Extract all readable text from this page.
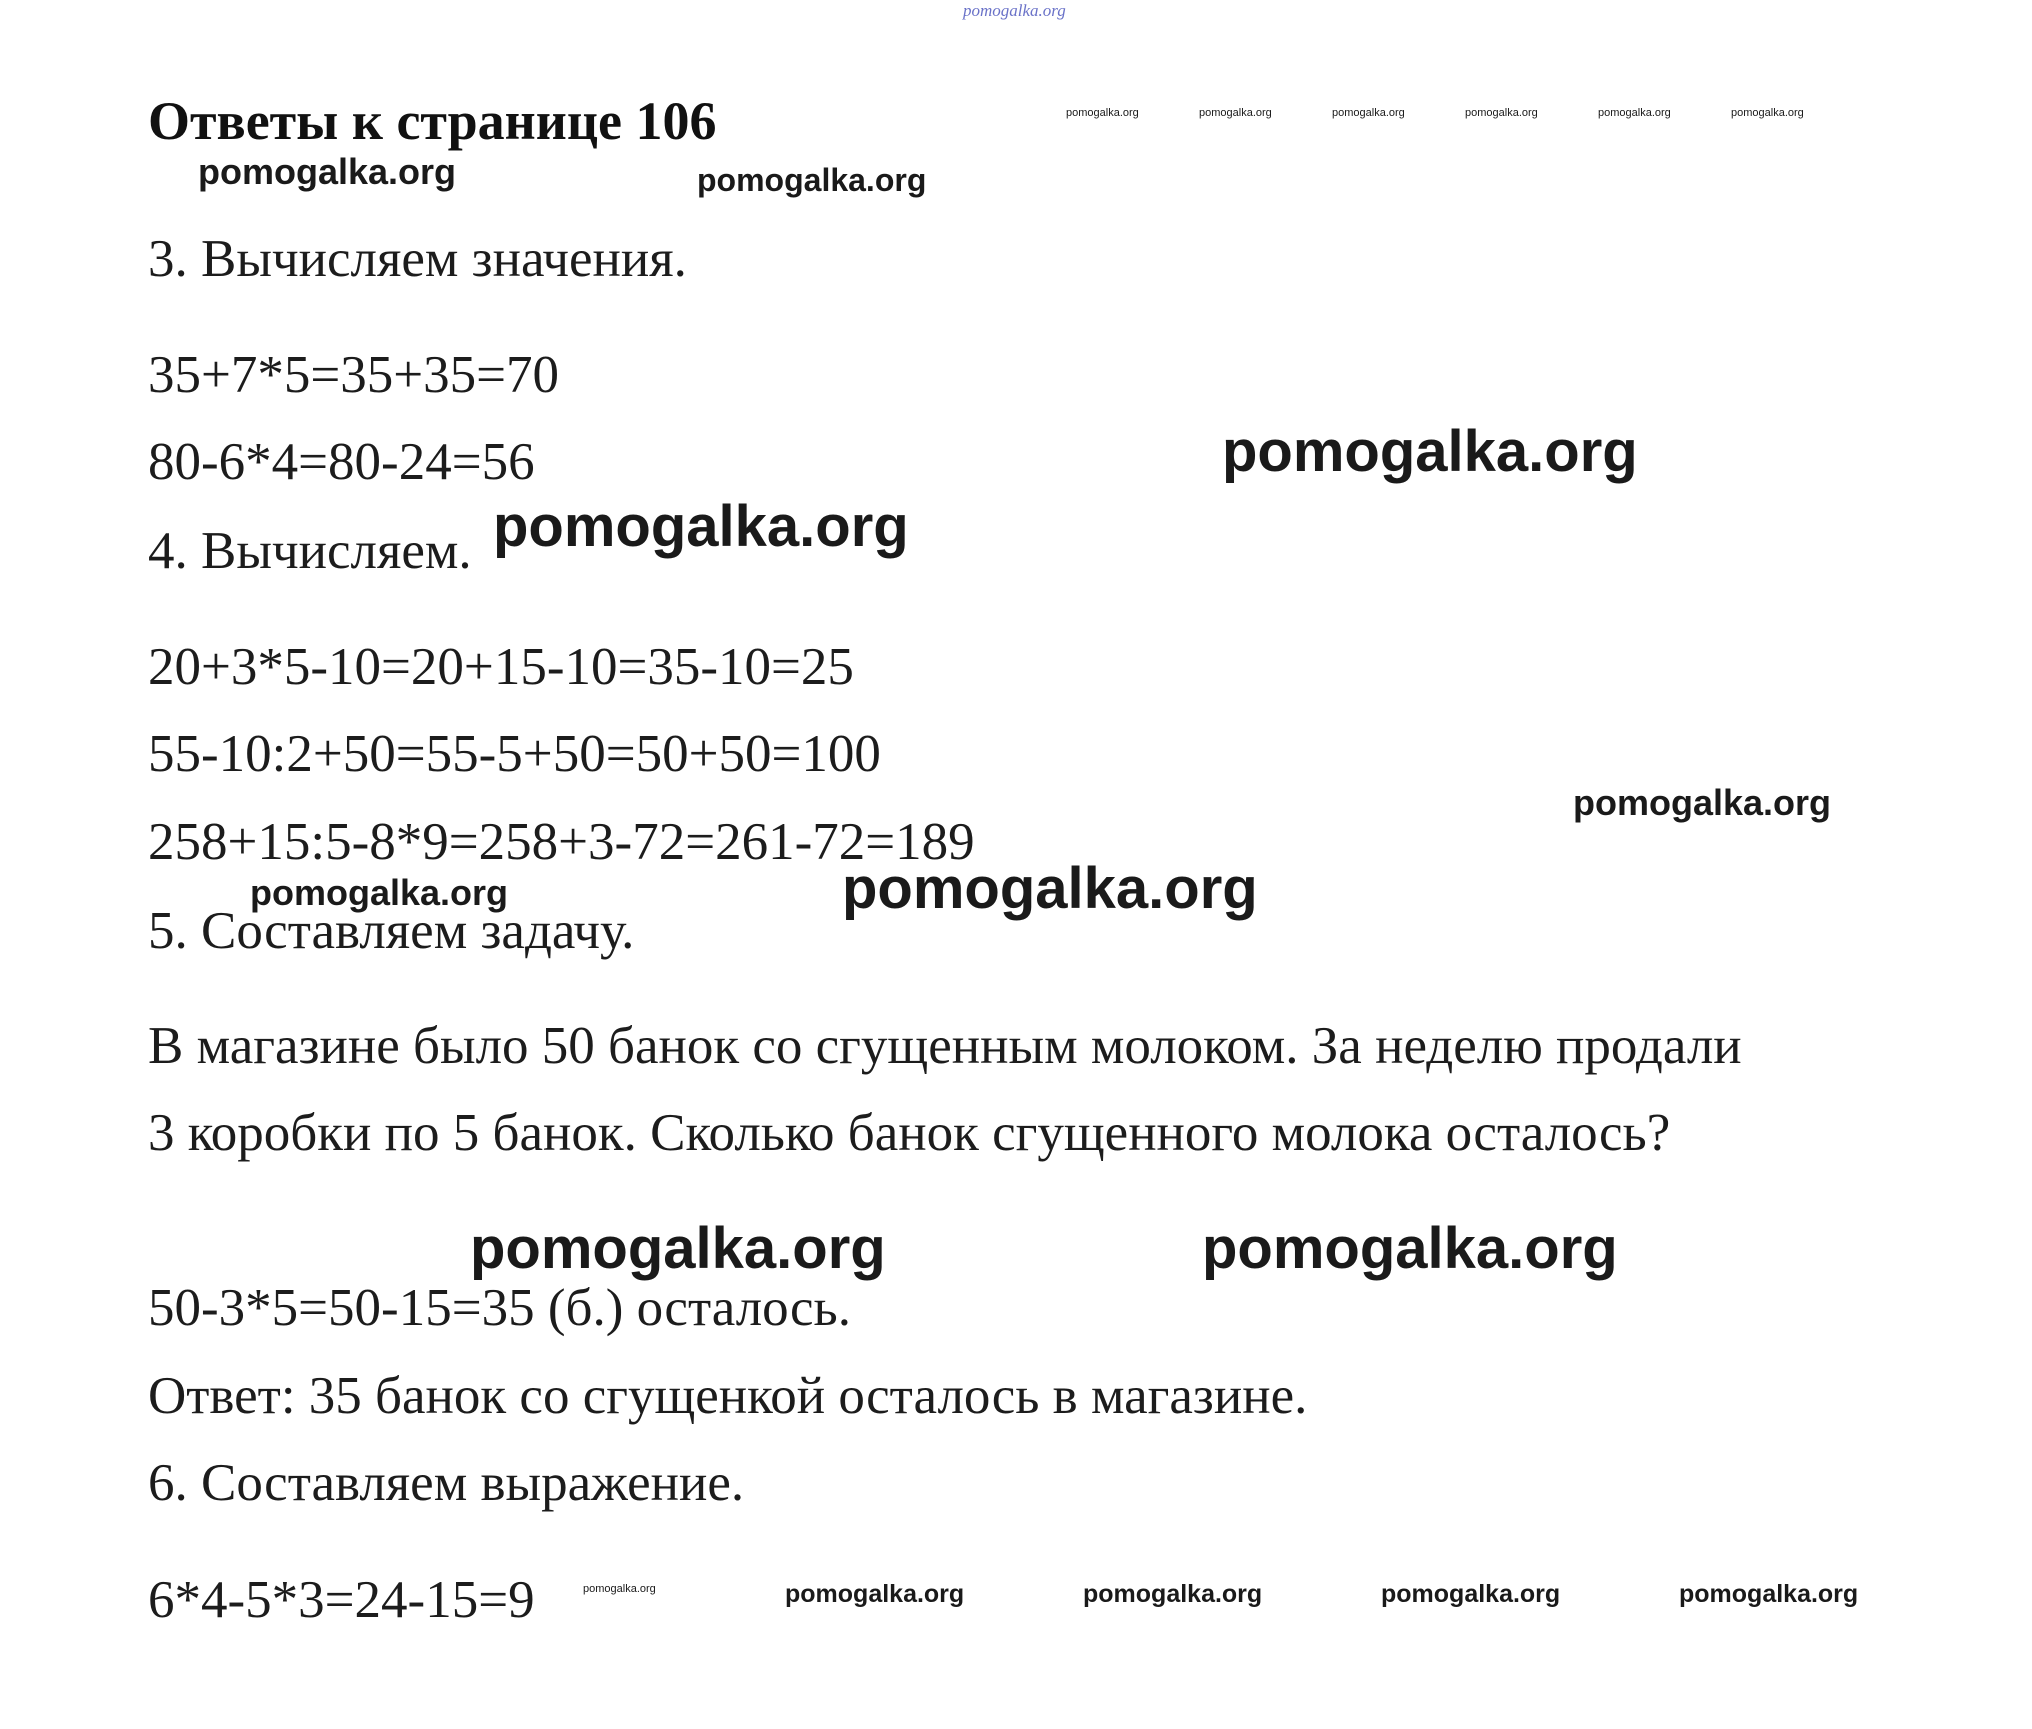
pomogalka.org
Ответы к странице 106	pomogalka.org	pomogalka.org	pomogalka.org	pomogalka.org	pomogalka.org	pomogalka.org
pomogalka.org	pomogalka.org
3. Вычисляем значения.
35+7*5=35+35=70
80-6*4=80-24=56	pomogalka.org
4. Вычисляем. pomogalka.org
20+3*5-10=20+15-10=35-10=25
55-10:2+50=55-5+50=50+50=100
258+15:5-8*9=258+3-72=261-72=189
pomogalka.org
pomogalka.org	pomogalka.org
5. Составляем задачу.
В магазине было 50 банок со сгущенным молоком. За неделю продали
3 коробки по 5 банок. Сколько банок сгущенного молока осталось?
pomogalka.org	pomogalka.org
50-3*5=50-15=35 (б.) осталось.
Ответ: 35 банок со сгущенкой осталось в магазине.
6. Составляем выражение.
6*4-5*3=24-15=9	pomogalka.org	pomogalka.org	pomogalka.org	pomogalka.org	pomogalka.org
